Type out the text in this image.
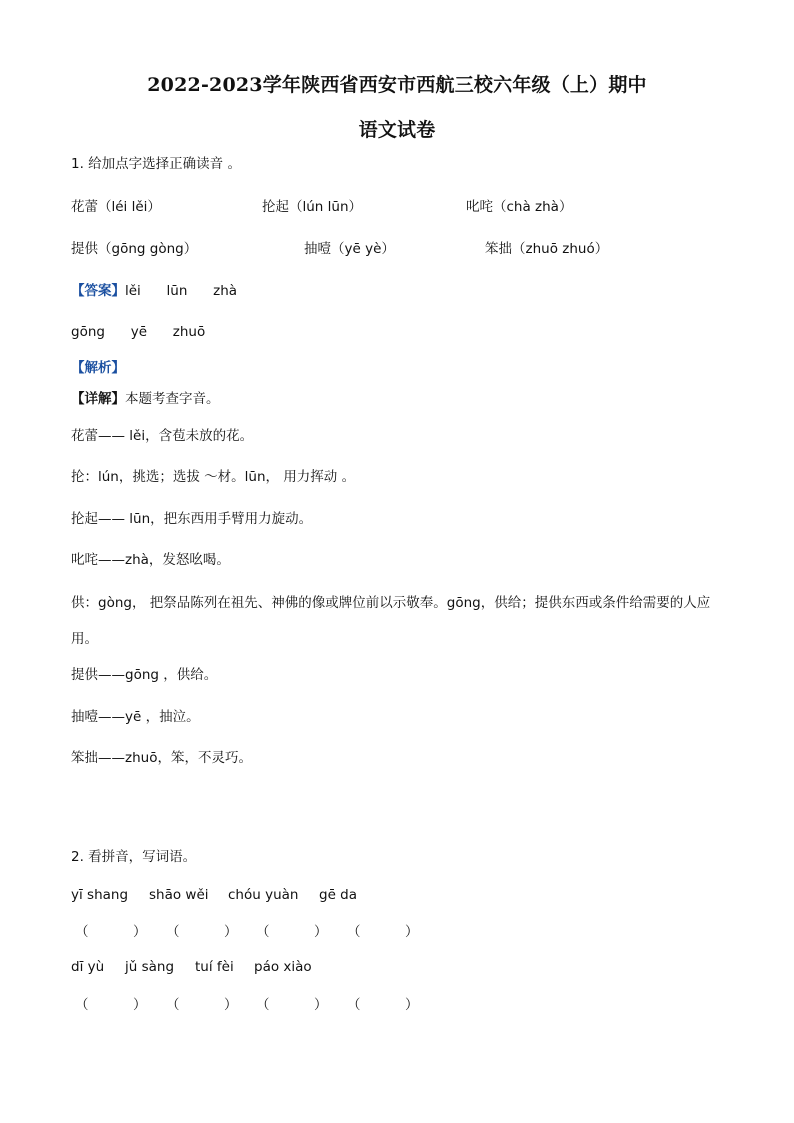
2022-2023学年陕西省西安市西航三校六年级（上）期中
语文试卷
1. 给加点字选择正确读音 。
花蕾（léi lěi）	抡起（lún lūn）	叱咤（chà zhà）
提供（gōng gòng）	抽噎（yē yè）	笨拙（zhuō zhuó）
【答案】lěi      lūn      zhà
gōng      yē      zhuō
【解析】
【详解】本题考查字音。
花蕾—— lěi，含苞未放的花。
抡：lún，挑选；选拔 ～材。lūn， 用力挥动 。
抡起—— lūn，把东西用手臂用力旋动。
叱咤——zhà，发怒吆喝。
供：gòng， 把祭品陈列在祖先、神佛的像或牌位前以示敬奉。gōng，供给；提供东西或条件给需要的人应用。
提供——gōng ，供给。
抽噎——yē ，抽泣。
笨拙——zhuō，笨，不灵巧。
2. 看拼音，写词语。
yī shang shāo wěi chóu yuàn gē da
（	） （	） （	） （	）
dī yù jǔ sàng tuí fèi páo xiào
（	） （	） （	） （	）
